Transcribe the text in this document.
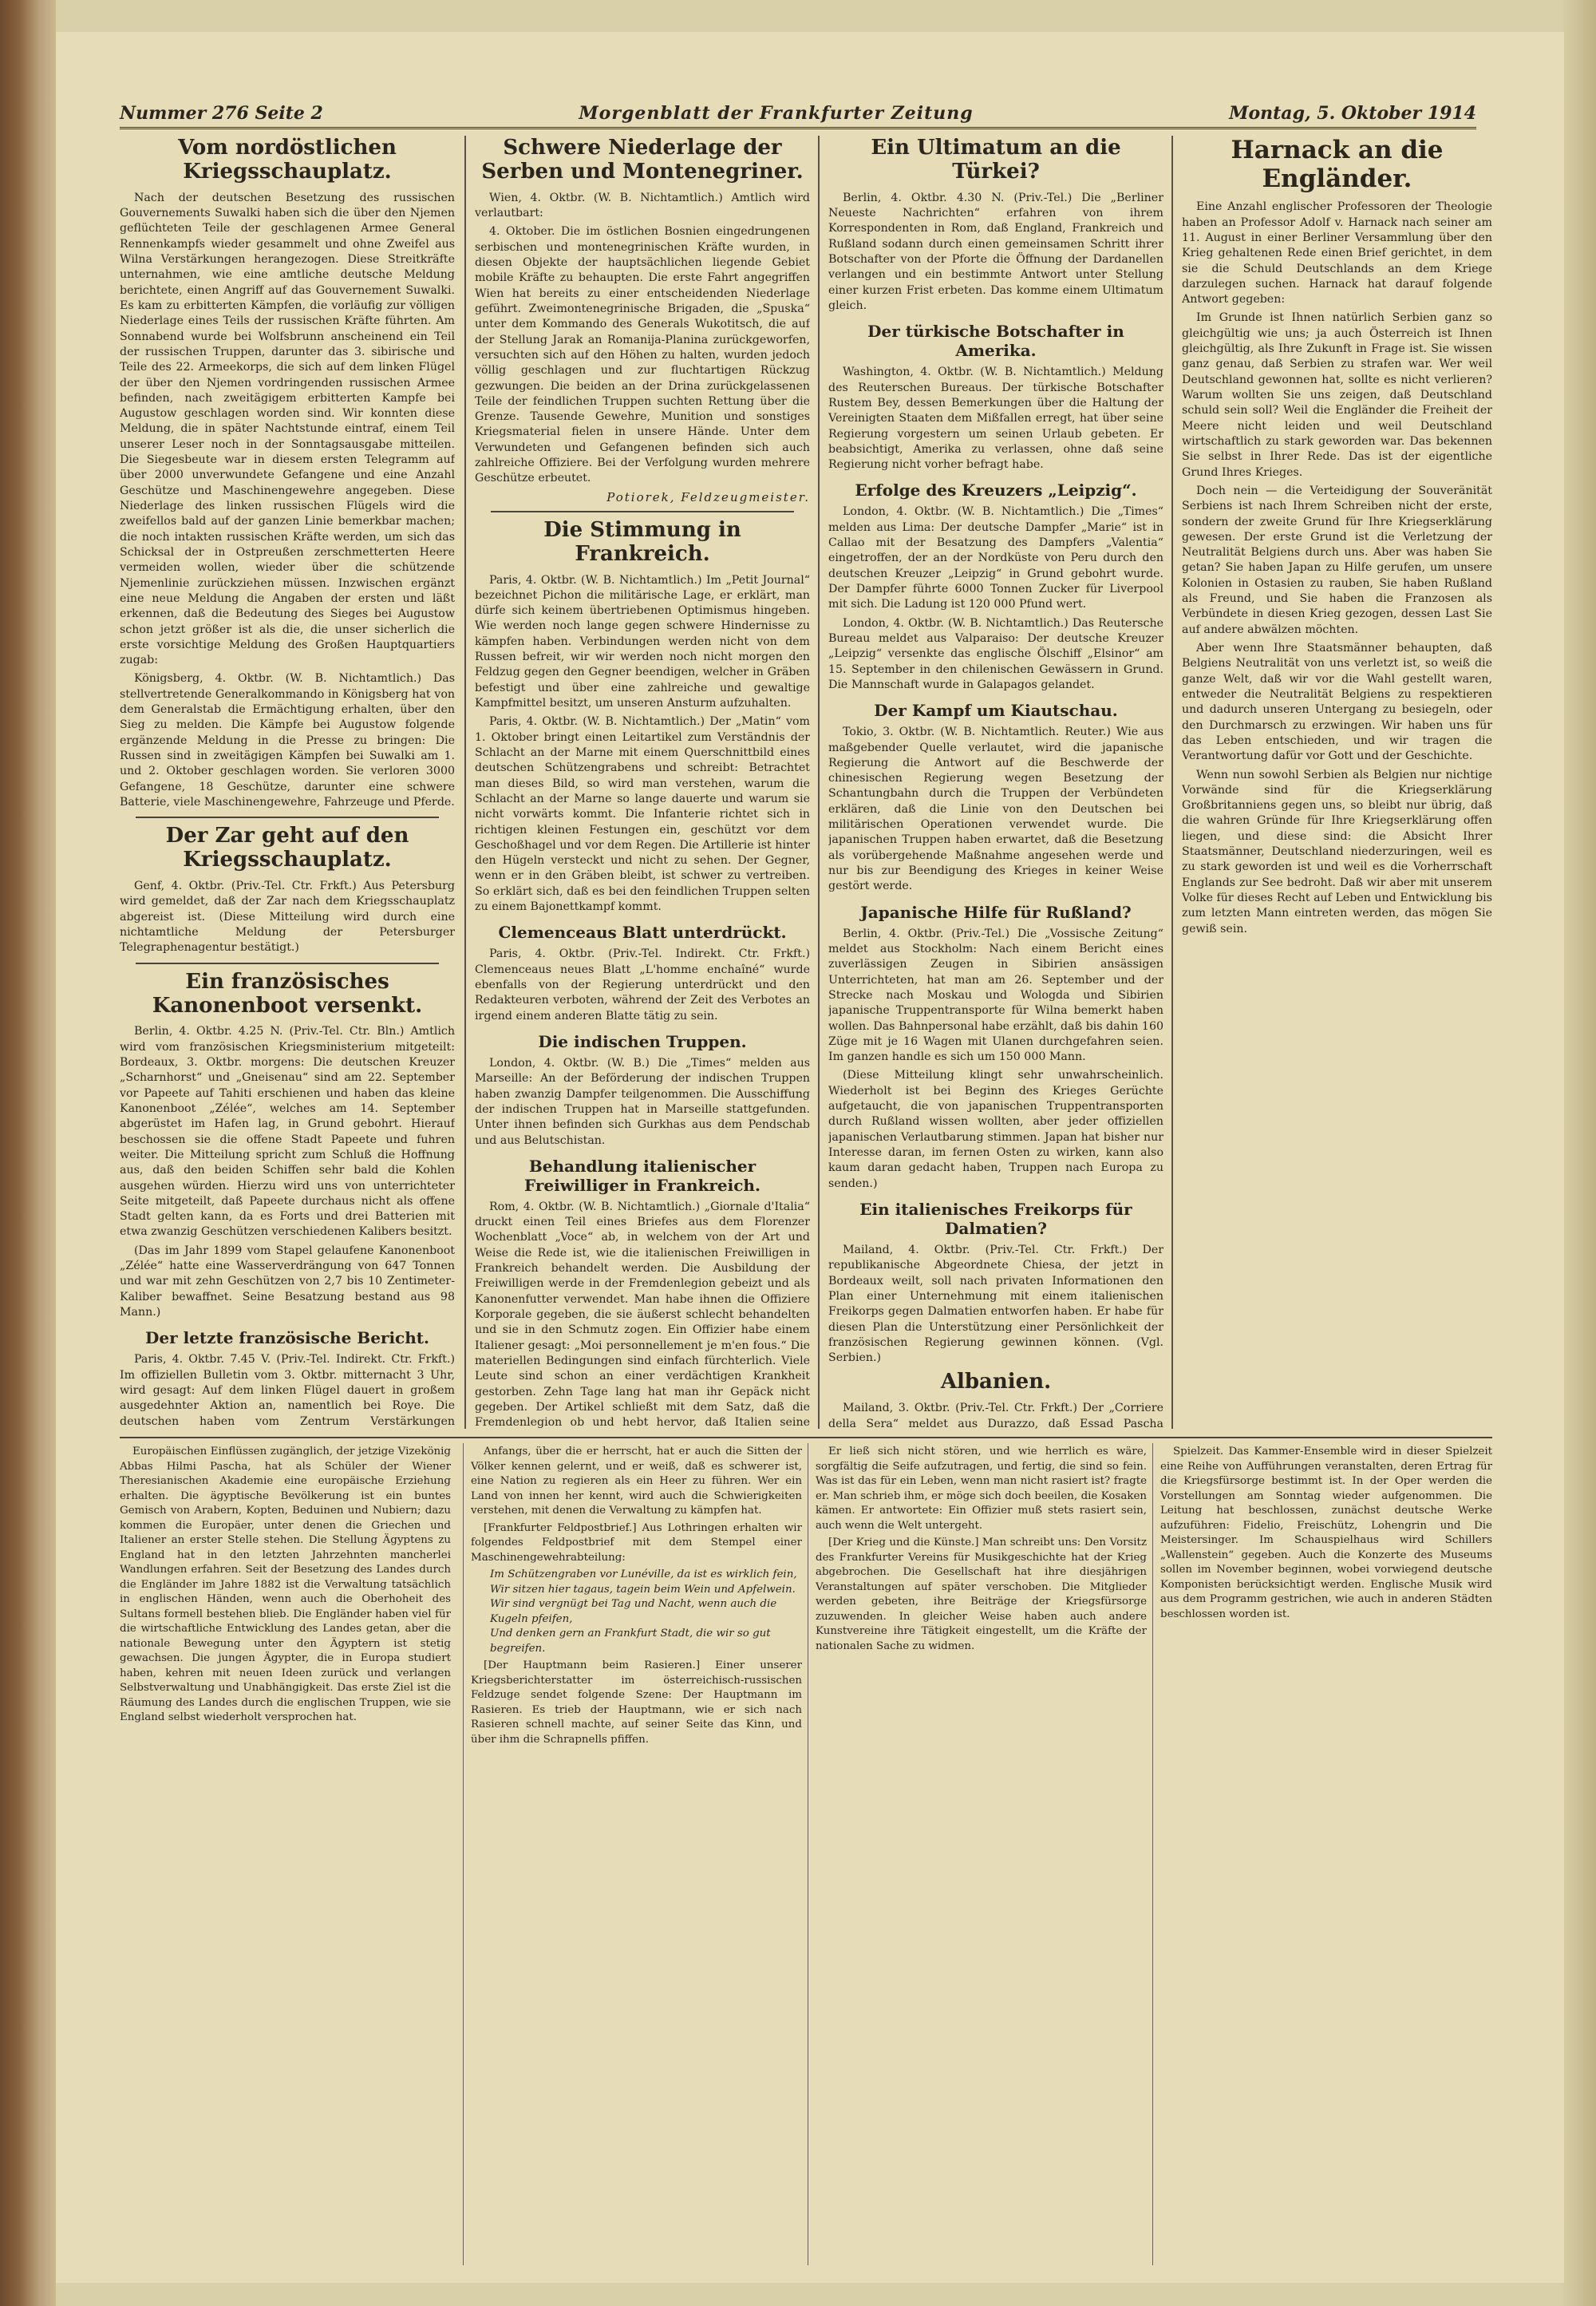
Nummer 276 Seite 2	Morgenblatt der Frankfurter Zeitung	Montag, 5. Oktober 1914
Vom nordöstlichen Kriegsschauplatz.

Nach der deutschen Besetzung des russischen Gouvernements Suwalki haben sich die über den Njemen geflüchteten Teile der geschlagenen Armee General Rennenkampfs wieder gesammelt und ohne Zweifel aus Wilna Verstärkungen herangezogen. Diese Streitkräfte unternahmen, wie eine amtliche deutsche Meldung berichtete, einen Angriff auf das Gouvernement Suwalki. Es kam zu erbitterten Kämpfen, die vorläufig zur völligen Niederlage eines Teils der russischen Kräfte führten. Am Sonnabend wurde bei Wolfsbrunn anscheinend ein Teil der russischen Truppen, darunter das 3. sibirische und Teile des 22. Armeekorps, die sich auf dem linken Flügel der über den Njemen vordringenden russischen Armee befinden, nach zweitägigem erbitterten Kampfe bei Augustow geschlagen worden sind. Wir konnten diese Meldung, die in später Nachtstunde eintraf, einem Teil unserer Leser noch in der Sonntagsausgabe mitteilen. Die Siegesbeute war in diesem ersten Telegramm auf über 2000 unverwundete Gefangene und eine Anzahl Geschütze und Maschinengewehre angegeben. Diese Niederlage des linken russischen Flügels wird die zweifellos bald auf der ganzen Linie bemerkbar machen; die noch intakten russischen Kräfte werden, um sich das Schicksal der in Ostpreußen zerschmetterten Heere vermeiden wollen, wieder über die schützende Njemenlinie zurückziehen müssen. Inzwischen ergänzt eine neue Meldung die Angaben der ersten und läßt erkennen, daß die Bedeutung des Sieges bei Augustow schon jetzt größer ist als die, die unser sicherlich die erste vorsichtige Meldung des Großen Hauptquartiers zugab:

Königsberg, 4. Oktbr. (W. B. Nichtamtlich.) Das stellvertretende Generalkommando in Königsberg hat von dem Generalstab die Ermächtigung erhalten, über den Sieg zu melden. Die Kämpfe bei Augustow folgende ergänzende Meldung in die Presse zu bringen: Die Russen sind in zweitägigen Kämpfen bei Suwalki am 1. und 2. Oktober geschlagen worden. Sie verloren 3000 Gefangene, 18 Geschütze, darunter eine schwere Batterie, viele Maschinengewehre, Fahrzeuge und Pferde.

Der Zar geht auf den Kriegsschauplatz.

Genf, 4. Oktbr. (Priv.-Tel. Ctr. Frkft.) Aus Petersburg wird gemeldet, daß der Zar nach dem Kriegsschauplatz abgereist ist. (Diese Mitteilung wird durch eine nichtamtliche Meldung der Petersburger Telegraphenagentur bestätigt.)

Ein französisches Kanonenboot versenkt.

Berlin, 4. Oktbr. 4.25 N. (Priv.-Tel. Ctr. Bln.) Amtlich wird vom französischen Kriegsministerium mitgeteilt: Bordeaux, 3. Oktbr. morgens: Die deutschen Kreuzer „Scharnhorst“ und „Gneisenau“ sind am 22. September vor Papeete auf Tahiti erschienen und haben das kleine Kanonenboot „Zélée“, welches am 14. September abgerüstet im Hafen lag, in Grund gebohrt. Hierauf beschossen sie die offene Stadt Papeete und fuhren weiter. Die Mitteilung spricht zum Schluß die Hoffnung aus, daß den beiden Schiffen sehr bald die Kohlen ausgehen würden. Hierzu wird uns von unterrichteter Seite mitgeteilt, daß Papeete durchaus nicht als offene Stadt gelten kann, da es Forts und drei Batterien mit etwa zwanzig Geschützen verschiedenen Kalibers besitzt.

(Das im Jahr 1899 vom Stapel gelaufene Kanonenboot „Zélée“ hatte eine Wasserverdrängung von 647 Tonnen und war mit zehn Geschützen von 2,7 bis 10 Zentimeter-Kaliber bewaffnet. Seine Besatzung bestand aus 98 Mann.)

Der letzte französische Bericht.

Paris, 4. Oktbr. 7.45 V. (Priv.-Tel. Indirekt. Ctr. Frkft.) Im offiziellen Bulletin vom 3. Oktbr. mitternacht 3 Uhr, wird gesagt: Auf dem linken Flügel dauert in großem ausgedehnter Aktion an, namentlich bei Roye. Die deutschen haben vom Zentrum Verstärkungen

Schwere Niederlage der Serben und Montenegriner.

Wien, 4. Oktbr. (W. B. Nichtamtlich.) Amtlich wird verlautbart:

4. Oktober. Die im östlichen Bosnien eingedrungenen serbischen und montenegrinischen Kräfte wurden, in diesen Objekte der hauptsächlichen liegende Gebiet mobile Kräfte zu behaupten. Die erste Fahrt angegriffen Wien hat bereits zu einer entscheidenden Niederlage geführt. Zweimontenegrinische Brigaden, die „Spuska“ unter dem Kommando des Generals Wukotitsch, die auf der Stellung Jarak an Romanija-Planina zurückgeworfen, versuchten sich auf den Höhen zu halten, wurden jedoch völlig geschlagen und zur fluchtartigen Rückzug gezwungen. Die beiden an der Drina zurückgelassenen Teile der feindlichen Truppen suchten Rettung über die Grenze. Tausende Gewehre, Munition und sonstiges Kriegsmaterial fielen in unsere Hände. Unter dem Verwundeten und Gefangenen befinden sich auch zahlreiche Offiziere. Bei der Verfolgung wurden mehrere Geschütze erbeutet.

Potiorek, Feldzeugmeister.

Die Stimmung in Frankreich.

Paris, 4. Oktbr. (W. B. Nichtamtlich.) Im „Petit Journal“ bezeichnet Pichon die militärische Lage, er erklärt, man dürfe sich keinem übertriebenen Optimismus hingeben. Wie werden noch lange gegen schwere Hindernisse zu kämpfen haben. Verbindungen werden nicht von dem Russen befreit, wir wir werden noch nicht morgen den Feldzug gegen den Gegner beendigen, welcher in Gräben befestigt und über eine zahlreiche und gewaltige Kampfmittel besitzt, um unseren Ansturm aufzuhalten.

Paris, 4. Oktbr. (W. B. Nichtamtlich.) Der „Matin“ vom 1. Oktober bringt einen Leitartikel zum Verständnis der Schlacht an der Marne mit einem Querschnittbild eines deutschen Schützengrabens und schreibt: Betrachtet man dieses Bild, so wird man verstehen, warum die Schlacht an der Marne so lange dauerte und warum sie nicht vorwärts kommt. Die Infanterie richtet sich in richtigen kleinen Festungen ein, geschützt vor dem Geschoßhagel und vor dem Regen. Die Artillerie ist hinter den Hügeln versteckt und nicht zu sehen. Der Gegner, wenn er in den Gräben bleibt, ist schwer zu vertreiben. So erklärt sich, daß es bei den feindlichen Truppen selten zu einem Bajonettkampf kommt.

Clemenceaus Blatt unterdrückt.

Paris, 4. Oktbr. (Priv.-Tel. Indirekt. Ctr. Frkft.) Clemenceaus neues Blatt „L'homme enchaîné“ wurde ebenfalls von der Regierung unterdrückt und den Redakteuren verboten, während der Zeit des Verbotes an irgend einem anderen Blatte tätig zu sein.

Die indischen Truppen.

London, 4. Oktbr. (W. B.) Die „Times“ melden aus Marseille: An der Beförderung der indischen Truppen haben zwanzig Dampfer teilgenommen. Die Ausschiffung der indischen Truppen hat in Marseille stattgefunden. Unter ihnen befinden sich Gurkhas aus dem Pendschab und aus Belutschistan.

Behandlung italienischer Freiwilliger in Frankreich.

Rom, 4. Oktbr. (W. B. Nichtamtlich.) „Giornale d'Italia“ druckt einen Teil eines Briefes aus dem Florenzer Wochenblatt „Voce“ ab, in welchem von der Art und Weise die Rede ist, wie die italienischen Freiwilligen in Frankreich behandelt werden. Die Ausbildung der Freiwilligen werde in der Fremdenlegion gebeizt und als Kanonenfutter verwendet. Man habe ihnen die Offiziere Korporale gegeben, die sie äußerst schlecht behandelten und sie in den Schmutz zogen. Ein Offizier habe einem Italiener gesagt: „Moi personnellement je m'en fous.“ Die materiellen Bedingungen sind einfach fürchterlich. Viele Leute sind schon an einer verdächtigen Krankheit gestorben. Zehn Tage lang hat man ihr Gepäck nicht gegeben. Der Artikel schließt mit dem Satz, daß die Fremdenlegion ob und hebt hervor, daß Italien seine

Ein Ultimatum an die Türkei?

Berlin, 4. Oktbr. 4.30 N. (Priv.-Tel.) Die „Berliner Neueste Nachrichten“ erfahren von ihrem Korrespondenten in Rom, daß England, Frankreich und Rußland sodann durch einen gemeinsamen Schritt ihrer Botschafter von der Pforte die Öffnung der Dardanellen verlangen und ein bestimmte Antwort unter Stellung einer kurzen Frist erbeten. Das komme einem Ultimatum gleich.

Der türkische Botschafter in Amerika.

Washington, 4. Oktbr. (W. B. Nichtamtlich.) Meldung des Reuterschen Bureaus. Der türkische Botschafter Rustem Bey, dessen Bemerkungen über die Haltung der Vereinigten Staaten dem Mißfallen erregt, hat über seine Regierung vorgestern um seinen Urlaub gebeten. Er beabsichtigt, Amerika zu verlassen, ohne daß seine Regierung nicht vorher befragt habe.

Erfolge des Kreuzers „Leipzig“.

London, 4. Oktbr. (W. B. Nichtamtlich.) Die „Times“ melden aus Lima: Der deutsche Dampfer „Marie“ ist in Callao mit der Besatzung des Dampfers „Valentia“ eingetroffen, der an der Nordküste von Peru durch den deutschen Kreuzer „Leipzig“ in Grund gebohrt wurde. Der Dampfer führte 6000 Tonnen Zucker für Liverpool mit sich. Die Ladung ist 120 000 Pfund wert.

London, 4. Oktbr. (W. B. Nichtamtlich.) Das Reutersche Bureau meldet aus Valparaiso: Der deutsche Kreuzer „Leipzig“ versenkte das englische Ölschiff „Elsinor“ am 15. September in den chilenischen Gewässern in Grund. Die Mannschaft wurde in Galapagos gelandet.

Der Kampf um Kiautschau.

Tokio, 3. Oktbr. (W. B. Nichtamtlich. Reuter.) Wie aus maßgebender Quelle verlautet, wird die japanische Regierung die Antwort auf die Beschwerde der chinesischen Regierung wegen Besetzung der Schantungbahn durch die Truppen der Verbündeten erklären, daß die Linie von den Deutschen bei militärischen Operationen verwendet wurde. Die japanischen Truppen haben erwartet, daß die Besetzung als vorübergehende Maßnahme angesehen werde und nur bis zur Beendigung des Krieges in keiner Weise gestört werde.

Japanische Hilfe für Rußland?

Berlin, 4. Oktbr. (Priv.-Tel.) Die „Vossische Zeitung“ meldet aus Stockholm: Nach einem Bericht eines zuverlässigen Zeugen in Sibirien ansässigen Unterrichteten, hat man am 26. September und der Strecke nach Moskau und Wologda und Sibirien japanische Truppentransporte für Wilna bemerkt haben wollen. Das Bahnpersonal habe erzählt, daß bis dahin 160 Züge mit je 16 Wagen mit Ulanen durchgefahren seien. Im ganzen handle es sich um 150 000 Mann.

(Diese Mitteilung klingt sehr unwahrscheinlich. Wiederholt ist bei Beginn des Krieges Gerüchte aufgetaucht, die von japanischen Truppentransporten durch Rußland wissen wollten, aber jeder offiziellen japanischen Verlautbarung stimmen. Japan hat bisher nur Interesse daran, im fernen Osten zu wirken, kann also kaum daran gedacht haben, Truppen nach Europa zu senden.)

Ein italienisches Freikorps für Dalmatien?

Mailand, 4. Oktbr. (Priv.-Tel. Ctr. Frkft.) Der republikanische Abgeordnete Chiesa, der jetzt in Bordeaux weilt, soll nach privaten Informationen den Plan einer Unternehmung mit einem italienischen Freikorps gegen Dalmatien entworfen haben. Er habe für diesen Plan die Unterstützung einer Persönlichkeit der französischen Regierung gewinnen können. (Vgl. Serbien.)

Albanien.

Mailand, 3. Oktbr. (Priv.-Tel. Ctr. Frkft.) Der „Corriere della Sera“ meldet aus Durazzo, daß Essad Pascha

Harnack an die Engländer.

Eine Anzahl englischer Professoren der Theologie haben an Professor Adolf v. Harnack nach seiner am 11. August in einer Berliner Versammlung über den Krieg gehaltenen Rede einen Brief gerichtet, in dem sie die Schuld Deutschlands an dem Kriege darzulegen suchen. Harnack hat darauf folgende Antwort gegeben:

Im Grunde ist Ihnen natürlich Serbien ganz so gleichgültig wie uns; ja auch Österreich ist Ihnen gleichgültig, als Ihre Zukunft in Frage ist. Sie wissen ganz genau, daß Serbien zu strafen war. Wer weil Deutschland gewonnen hat, sollte es nicht verlieren? Warum wollten Sie uns zeigen, daß Deutschland schuld sein soll? Weil die Engländer die Freiheit der Meere nicht leiden und weil Deutschland wirtschaftlich zu stark geworden war. Das bekennen Sie selbst in Ihrer Rede. Das ist der eigentliche Grund Ihres Krieges.

Doch nein — die Verteidigung der Souveränität Serbiens ist nach Ihrem Schreiben nicht der erste, sondern der zweite Grund für Ihre Kriegserklärung gewesen. Der erste Grund ist die Verletzung der Neutralität Belgiens durch uns. Aber was haben Sie getan? Sie haben Japan zu Hilfe gerufen, um unsere Kolonien in Ostasien zu rauben, Sie haben Rußland als Freund, und Sie haben die Franzosen als Verbündete in diesen Krieg gezogen, dessen Last Sie auf andere abwälzen möchten.

Aber wenn Ihre Staatsmänner behaupten, daß Belgiens Neutralität von uns verletzt ist, so weiß die ganze Welt, daß wir vor die Wahl gestellt waren, entweder die Neutralität Belgiens zu respektieren und dadurch unseren Untergang zu besiegeln, oder den Durchmarsch zu erzwingen. Wir haben uns für das Leben entschieden, und wir tragen die Verantwortung dafür vor Gott und der Geschichte.

Wenn nun sowohl Serbien als Belgien nur nichtige Vorwände sind für die Kriegserklärung Großbritanniens gegen uns, so bleibt nur übrig, daß die wahren Gründe für Ihre Kriegserklärung offen liegen, und diese sind: die Absicht Ihrer Staatsmänner, Deutschland niederzuringen, weil es zu stark geworden ist und weil es die Vorherrschaft Englands zur See bedroht. Daß wir aber mit unserem Volke für dieses Recht auf Leben und Entwicklung bis zum letzten Mann eintreten werden, das mögen Sie gewiß sein.

Europäischen Einflüssen zugänglich, der jetzige Vizekönig Abbas Hilmi Pascha, hat als Schüler der Wiener Theresianischen Akademie eine europäische Erziehung erhalten. Die ägyptische Bevölkerung ist ein buntes Gemisch von Arabern, Kopten, Beduinen und Nubiern; dazu kommen die Europäer, unter denen die Griechen und Italiener an erster Stelle stehen. Die Stellung Ägyptens zu England hat in den letzten Jahrzehnten mancherlei Wandlungen erfahren. Seit der Besetzung des Landes durch die Engländer im Jahre 1882 ist die Verwaltung tatsächlich in englischen Händen, wenn auch die Oberhoheit des Sultans formell bestehen blieb. Die Engländer haben viel für die wirtschaftliche Entwicklung des Landes getan, aber die nationale Bewegung unter den Ägyptern ist stetig gewachsen. Die jungen Ägypter, die in Europa studiert haben, kehren mit neuen Ideen zurück und verlangen Selbstverwaltung und Unabhängigkeit. Das erste Ziel ist die Räumung des Landes durch die englischen Truppen, wie sie England selbst wiederholt versprochen hat.

Anfangs, über die er herrscht, hat er auch die Sitten der Völker kennen gelernt, und er weiß, daß es schwerer ist, eine Nation zu regieren als ein Heer zu führen. Wer ein Land von innen her kennt, wird auch die Schwierigkeiten verstehen, mit denen die Verwaltung zu kämpfen hat.

[Frankfurter Feldpostbrief.] Aus Lothringen erhalten wir folgendes Feldpostbrief mit dem Stempel einer Maschinengewehrabteilung:

Im Schützengraben vor Lunéville, da ist es wirklich fein,
Wir sitzen hier tagaus, tagein beim Wein und Apfelwein.
Wir sind vergnügt bei Tag und Nacht, wenn auch die Kugeln pfeifen,
Und denken gern an Frankfurt Stadt, die wir so gut begreifen.

[Der Hauptmann beim Rasieren.] Einer unserer Kriegsberichterstatter im österreichisch-russischen Feldzuge sendet folgende Szene: Der Hauptmann im Rasieren. Es trieb der Hauptmann, wie er sich nach Rasieren schnell machte, auf seiner Seite das Kinn, und über ihm die Schrapnells pfiffen.

Er ließ sich nicht stören, und wie herrlich es wäre, sorgfältig die Seife aufzutragen, und fertig, die sind so fein. Was ist das für ein Leben, wenn man nicht rasiert ist? fragte er. Man schrieb ihm, er möge sich doch beeilen, die Kosaken kämen. Er antwortete: Ein Offizier muß stets rasiert sein, auch wenn die Welt untergeht.

[Der Krieg und die Künste.] Man schreibt uns: Den Vorsitz des Frankfurter Vereins für Musikgeschichte hat der Krieg abgebrochen. Die Gesellschaft hat ihre diesjährigen Veranstaltungen auf später verschoben. Die Mitglieder werden gebeten, ihre Beiträge der Kriegsfürsorge zuzuwenden. In gleicher Weise haben auch andere Kunstvereine ihre Tätigkeit eingestellt, um die Kräfte der nationalen Sache zu widmen.

Spielzeit. Das Kammer-Ensemble wird in dieser Spielzeit eine Reihe von Aufführungen veranstalten, deren Ertrag für die Kriegsfürsorge bestimmt ist. In der Oper werden die Vorstellungen am Sonntag wieder aufgenommen. Die Leitung hat beschlossen, zunächst deutsche Werke aufzuführen: Fidelio, Freischütz, Lohengrin und Die Meistersinger. Im Schauspielhaus wird Schillers „Wallenstein“ gegeben. Auch die Konzerte des Museums sollen im November beginnen, wobei vorwiegend deutsche Komponisten berücksichtigt werden. Englische Musik wird aus dem Programm gestrichen, wie auch in anderen Städten beschlossen worden ist.
